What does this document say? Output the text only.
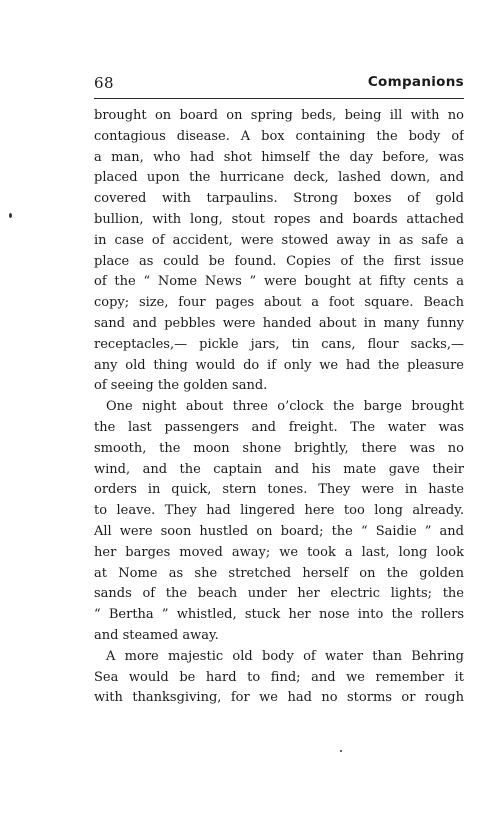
68	Companions
brought on board on spring beds, being ill with no
contagious disease. A box containing the body of
a man, who had shot himself the day before, was
placed upon the hurricane deck, lashed down, and
covered with tarpaulins. Strong boxes of gold
bullion, with long, stout ropes and boards attached
in case of accident, were stowed away in as safe a
place as could be found. Copies of the first issue
of the “ Nome News ” were bought at fifty cents a
copy; size, four pages about a foot square. Beach
sand and pebbles were handed about in many funny
receptacles,— pickle jars, tin cans, flour sacks,—
any old thing would do if only we had the pleasure
of seeing the golden sand.
One night about three o’clock the barge brought
the last passengers and freight. The water was
smooth, the moon shone brightly, there was no
wind, and the captain and his mate gave their
orders in quick, stern tones. They were in haste
to leave. They had lingered here too long already.
All were soon hustled on board; the “ Saidie ” and
her barges moved away; we took a last, long look
at Nome as she stretched herself on the golden
sands of the beach under her electric lights; the
“ Bertha ” whistled, stuck her nose into the rollers
and steamed away.
A more majestic old body of water than Behring
Sea would be hard to find; and we remember it
with thanksgiving, for we had no storms or rough
